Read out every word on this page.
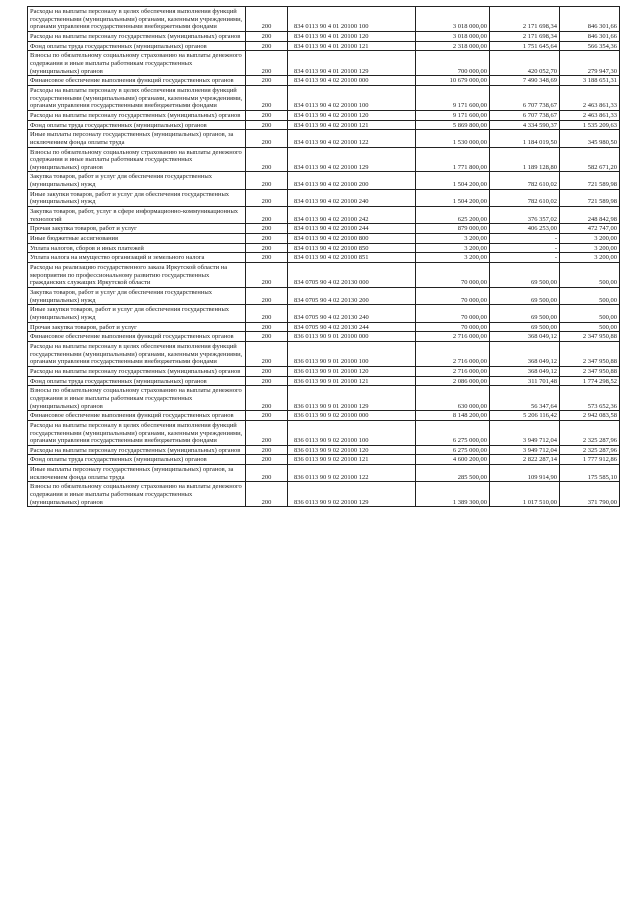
Расходы на выплаты персоналу в целях обеспечения выполнения функций государственными (муниципальными) органами, казенными учреждениями, органами управления государственными внебюджетными фондами	200	834 0113 90 4 01 20100 100	3 018 000,00	2 171 698,34	846 301,66
Расходы на выплаты персоналу государственных (муниципальных) органов	200	834 0113 90 4 01 20100 120	3 018 000,00	2 171 698,34	846 301,66
Фонд оплаты труда государственных (муниципальных) органов	200	834 0113 90 4 01 20100 121	2 318 000,00	1 751 645,64	566 354,36
Взносы по обязательному социальному страхованию на выплаты денежного содержания и иные выплаты работникам государственных (муниципальных) органов	200	834 0113 90 4 01 20100 129	700 000,00	420 052,70	279 947,30
Финансовое обеспечение выполнения функций государственных органов	200	834 0113 90 4 02 20100 000	10 679 000,00	7 490 348,69	3 188 651,31
Расходы на выплаты персоналу в целях обеспечения выполнения функций государственными (муниципальными) органами, казенными учреждениями, органами управления государственными внебюджетными фондами	200	834 0113 90 4 02 20100 100	9 171 600,00	6 707 738,67	2 463 861,33
Расходы на выплаты персоналу государственных (муниципальных) органов	200	834 0113 90 4 02 20100 120	9 171 600,00	6 707 738,67	2 463 861,33
Фонд оплаты труда государственных (муниципальных) органов	200	834 0113 90 4 02 20100 121	5 869 800,00	4 334 590,37	1 535 209,63
Иные выплаты персоналу государственных (муниципальных) органов, за исключением фонда оплаты труда	200	834 0113 90 4 02 20100 122	1 530 000,00	1 184 019,50	345 980,50
Взносы по обязательному социальному страхованию на выплаты денежного содержания и иные выплаты работникам государственных (муниципальных) органов	200	834 0113 90 4 02 20100 129	1 771 800,00	1 189 128,80	582 671,20
Закупка товаров, работ и услуг для обеспечения государственных (муниципальных) нужд	200	834 0113 90 4 02 20100 200	1 504 200,00	782 610,02	721 589,98
Иные закупки товаров, работ и услуг для обеспечения государственных (муниципальных) нужд	200	834 0113 90 4 02 20100 240	1 504 200,00	782 610,02	721 589,98
Закупка товаров, работ, услуг в сфере информационно-коммуникационных технологий	200	834 0113 90 4 02 20100 242	625 200,00	376 357,02	248 842,98
Прочая закупка товаров, работ и услуг	200	834 0113 90 4 02 20100 244	879 000,00	406 253,00	472 747,00
Иные бюджетные ассигнования	200	834 0113 90 4 02 20100 800	3 200,00	-	3 200,00
Уплата налогов, сборов и иных платежей	200	834 0113 90 4 02 20100 850	3 200,00	-	3 200,00
Уплата налога на имущество организаций и земельного налога	200	834 0113 90 4 02 20100 851	3 200,00	-	3 200,00
Расходы на реализацию государственного заказа Иркутской области на мероприятия по профессиональному развитию государственных гражданских служащих Иркутской области	200	834 0705 90 4 02 20130 000	70 000,00	69 500,00	500,00
Закупка товаров, работ и услуг для обеспечения государственных (муниципальных) нужд	200	834 0705 90 4 02 20130 200	70 000,00	69 500,00	500,00
Иные закупки товаров, работ и услуг для обеспечения государственных (муниципальных) нужд	200	834 0705 90 4 02 20130 240	70 000,00	69 500,00	500,00
Прочая закупка товаров, работ и услуг	200	834 0705 90 4 02 20130 244	70 000,00	69 500,00	500,00
Финансовое обеспечение выполнения функций государственных органов	200	836 0113 90 9 01 20100 000	2 716 000,00	368 049,12	2 347 950,88
Расходы на выплаты персоналу в целях обеспечения выполнения функций государственными (муниципальными) органами, казенными учреждениями, органами управления государственными внебюджетными фондами	200	836 0113 90 9 01 20100 100	2 716 000,00	368 049,12	2 347 950,88
Расходы на выплаты персоналу государственных (муниципальных) органов	200	836 0113 90 9 01 20100 120	2 716 000,00	368 049,12	2 347 950,88
Фонд оплаты труда государственных (муниципальных) органов	200	836 0113 90 9 01 20100 121	2 086 000,00	311 701,48	1 774 298,52
Взносы по обязательному социальному страхованию на выплаты денежного содержания и иные выплаты работникам государственных (муниципальных) органов	200	836 0113 90 9 01 20100 129	630 000,00	56 347,64	573 652,36
Финансовое обеспечение выполнения функций государственных органов	200	836 0113 90 9 02 20100 000	8 148 200,00	5 206 116,42	2 942 083,58
Расходы на выплаты персоналу в целях обеспечения выполнения функций государственными (муниципальными) органами, казенными учреждениями, органами управления государственными внебюджетными фондами	200	836 0113 90 9 02 20100 100	6 275 000,00	3 949 712,04	2 325 287,96
Расходы на выплаты персоналу государственных (муниципальных) органов	200	836 0113 90 9 02 20100 120	6 275 000,00	3 949 712,04	2 325 287,96
Фонд оплаты труда государственных (муниципальных) органов	200	836 0113 90 9 02 20100 121	4 600 200,00	2 822 287,14	1 777 912,86
Иные выплаты персоналу государственных (муниципальных) органов, за исключением фонда оплаты труда	200	836 0113 90 9 02 20100 122	285 500,00	109 914,90	175 585,10
Взносы по обязательному социальному страхованию на выплаты денежного содержания и иные выплаты работникам государственных (муниципальных) органов	200	836 0113 90 9 02 20100 129	1 389 300,00	1 017 510,00	371 790,00
